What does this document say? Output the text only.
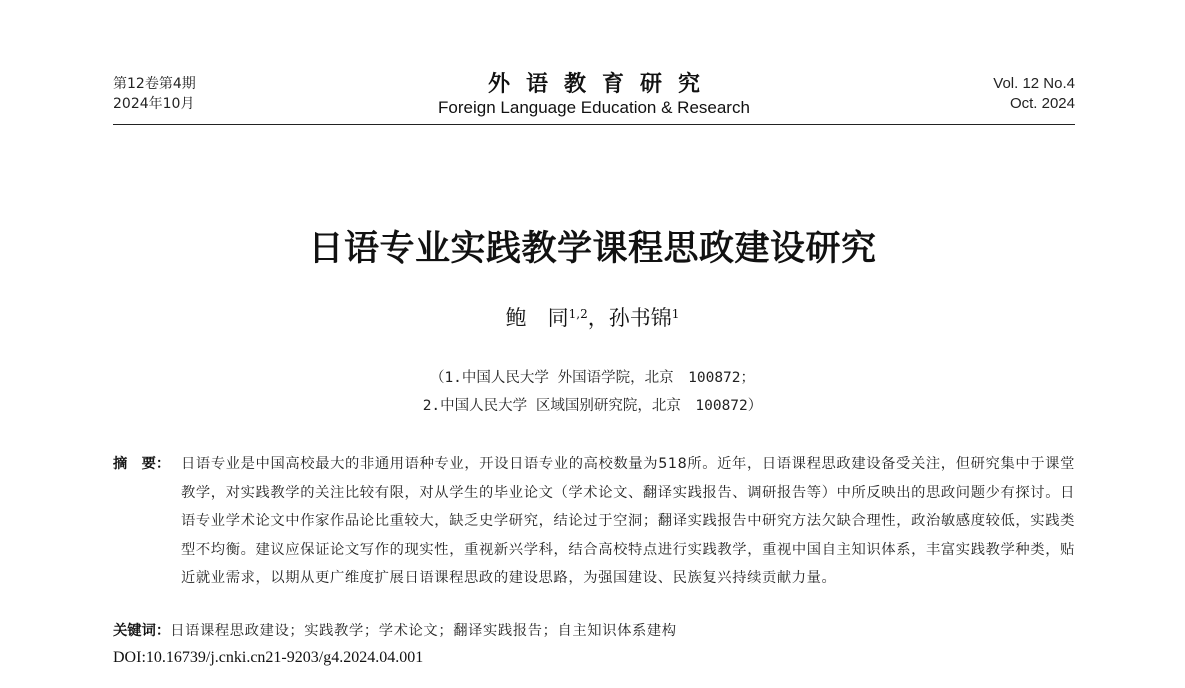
第12卷第4期
2024年10月
外语教育研究
Foreign Language Education & Research
Vol. 12 No.4
Oct. 2024
日语专业实践教学课程思政建设研究
鲍　同$^{1,2}$，孙书锦$^1$
（1.中国人民大学 外国语学院，北京　100872；
2.中国人民大学 区域国别研究院，北京　100872）
摘　要： 日语专业是中国高校最大的非通用语种专业，开设日语专业的高校数量为518所。近年，日语课程思政建设备受关注，但研究集中于课堂教学，对实践教学的关注比较有限，对从学生的毕业论文（学术论文、翻译实践报告、调研报告等）中所反映出的思政问题少有探讨。日语专业学术论文中作家作品论比重较大，缺乏史学研究，结论过于空洞；翻译实践报告中研究方法欠缺合理性，政治敏感度较低，实践类型不均衡。建议应保证论文写作的现实性，重视新兴学科，结合高校特点进行实践教学，重视中国自主知识体系，丰富实践教学种类，贴近就业需求，以期从更广维度扩展日语课程思政的建设思路，为强国建设、民族复兴持续贡献力量。
关键词：日语课程思政建设；实践教学；学术论文；翻译实践报告；自主知识体系建构
DOI:10.16739/j.cnki.cn21-9203/g4.2024.04.001
